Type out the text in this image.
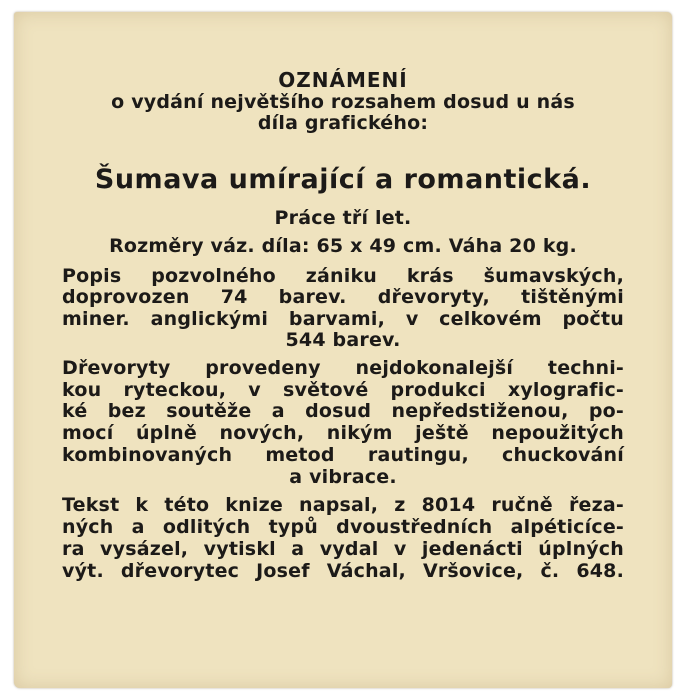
OZNÁMENÍ
o vydání největšího rozsahem dosud u nás
díla grafického:
Šumava umírající a romantická.
Práce tří let.
Rozměry váz. díla: 65 x 49 cm. Váha 20 kg.
Popis pozvolného zániku krás šumavských,
doprovozen 74 barev. dřevoryty, tištěnými
miner. anglickými barvami, v celkovém počtu
544 barev.
Dřevoryty provedeny nejdokonalejší techni-
kou ryteckou, v světové produkci xylografic-
ké bez soutěže a dosud nepředstiženou, po-
mocí úplně nových, nikým ještě nepoužitých
kombinovaných metod rautingu, chuckování
a vibrace.
Tekst k této knize napsal, z 8014 ručně řeza-
ných a odlitých typů dvoustředních alpéticíce-
ra vysázel, vytiskl a vydal v jedenácti úplných
výt. dřevorytec Josef Váchal, Vršovice, č. 648.
